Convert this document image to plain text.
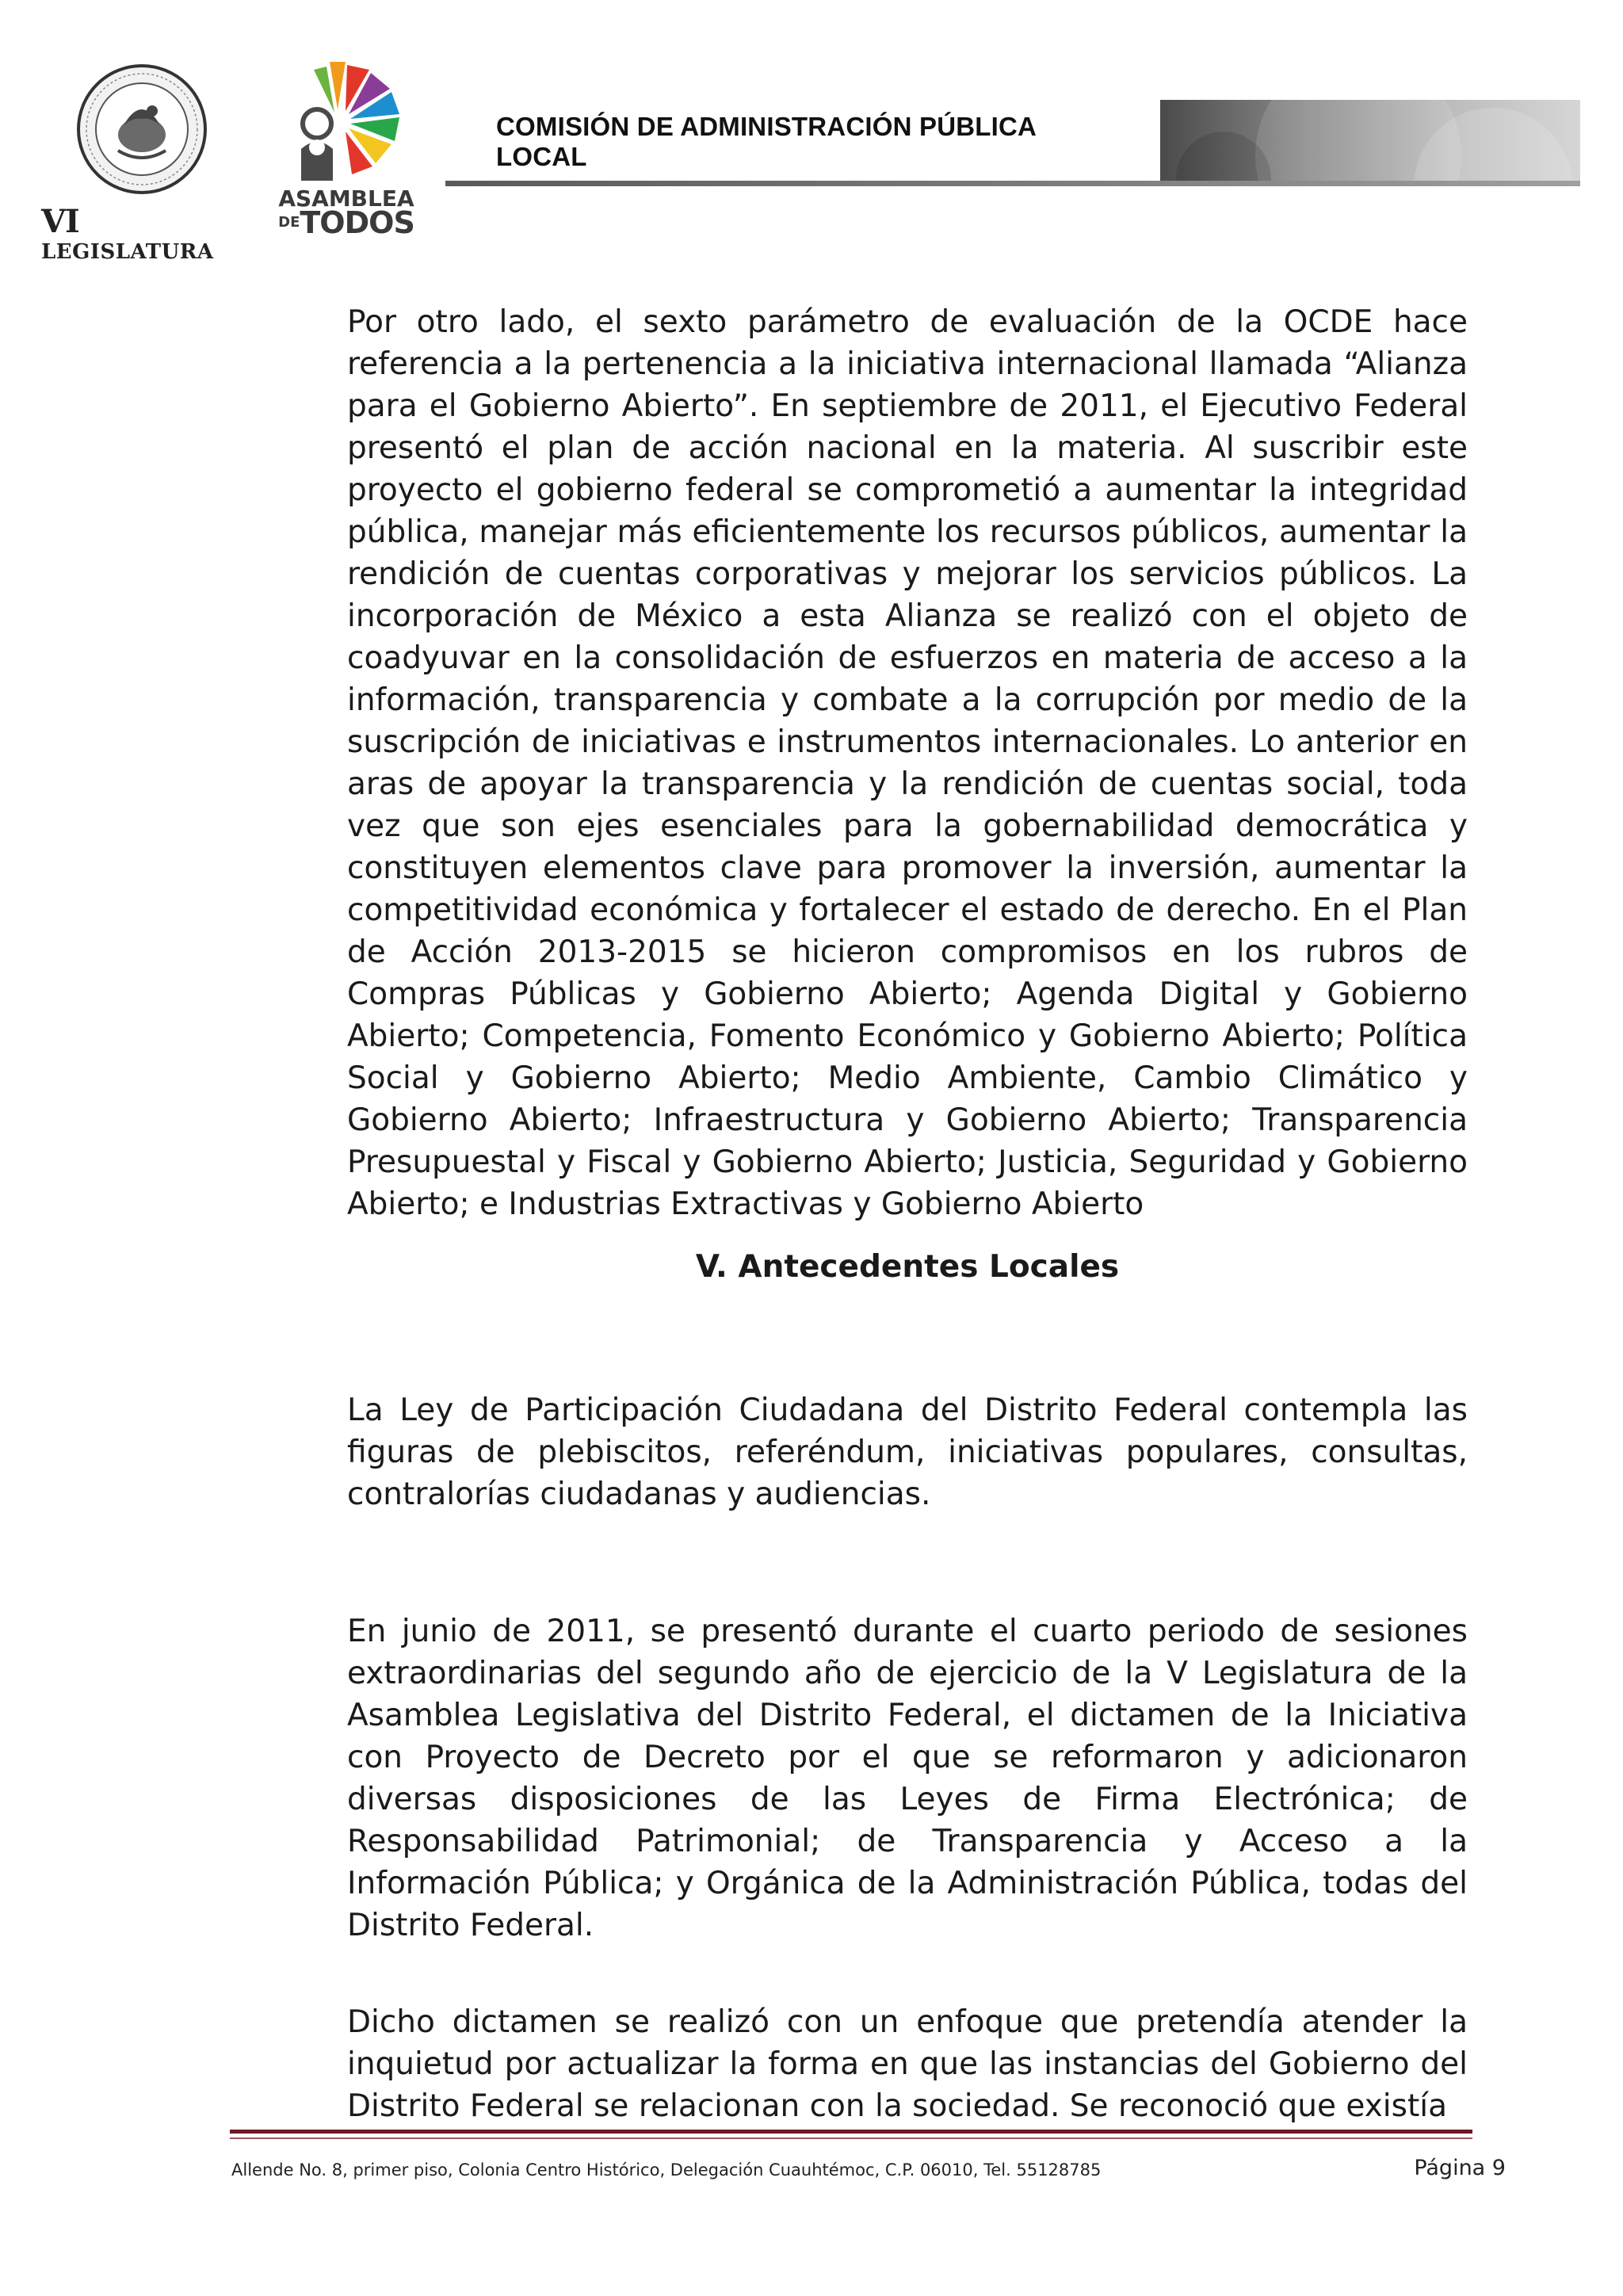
VI LEGISLATURA
ASAMBLEA
$^{DE}$TODOS
COMISIÓN DE ADMINISTRACIÓN PÚBLICA LOCAL
Por otro lado, el sexto parámetro de evaluación de la OCDE hace referencia a la pertenencia a la iniciativa internacional llamada “Alianza para el Gobierno Abierto”. En septiembre de 2011, el Ejecutivo Federal presentó el plan de acción nacional en la materia. Al suscribir este proyecto el gobierno federal se comprometió a aumentar la integridad pública, manejar más eficientemente los recursos públicos, aumentar la rendición de cuentas corporativas y mejorar los servicios públicos. La incorporación de México a esta Alianza se realizó con el objeto de coadyuvar en la consolidación de esfuerzos en materia de acceso a la información, transparencia y combate a la corrupción por medio de la suscripción de iniciativas e instrumentos internacionales. Lo anterior en aras de apoyar la transparencia y la rendición de cuentas social, toda vez que son ejes esenciales para la gobernabilidad democrática y constituyen elementos clave para promover la inversión, aumentar la competitividad económica y fortalecer el estado de derecho. En el Plan de Acción 2013-2015 se hicieron compromisos en los rubros de Compras Públicas y Gobierno Abierto; Agenda Digital y Gobierno Abierto; Competencia, Fomento Económico y Gobierno Abierto; Política Social y Gobierno Abierto; Medio Ambiente, Cambio Climático y Gobierno Abierto; Infraestructura y Gobierno Abierto; Transparencia Presupuestal y Fiscal y Gobierno Abierto; Justicia, Seguridad y Gobierno Abierto; e Industrias Extractivas y Gobierno Abierto
V. Antecedentes Locales
La Ley de Participación Ciudadana del Distrito Federal contempla las figuras de plebiscitos, referéndum, iniciativas populares, consultas, contralorías ciudadanas y audiencias.
En junio de 2011, se presentó durante el cuarto periodo de sesiones extraordinarias del segundo año de ejercicio de la V Legislatura de la Asamblea Legislativa del Distrito Federal, el dictamen de la Iniciativa con Proyecto de Decreto por el que se reformaron y adicionaron diversas disposiciones de las Leyes de Firma Electrónica; de Responsabilidad Patrimonial; de Transparencia y Acceso a la Información Pública; y Orgánica de la Administración Pública, todas del Distrito Federal.
Dicho dictamen se realizó con un enfoque que pretendía atender la inquietud por actualizar la forma en que las instancias del Gobierno del Distrito Federal se relacionan con la sociedad. Se reconoció que existía
Allende No. 8, primer piso, Colonia Centro Histórico, Delegación Cuauhtémoc, C.P. 06010, Tel. 55128785	Página 9
